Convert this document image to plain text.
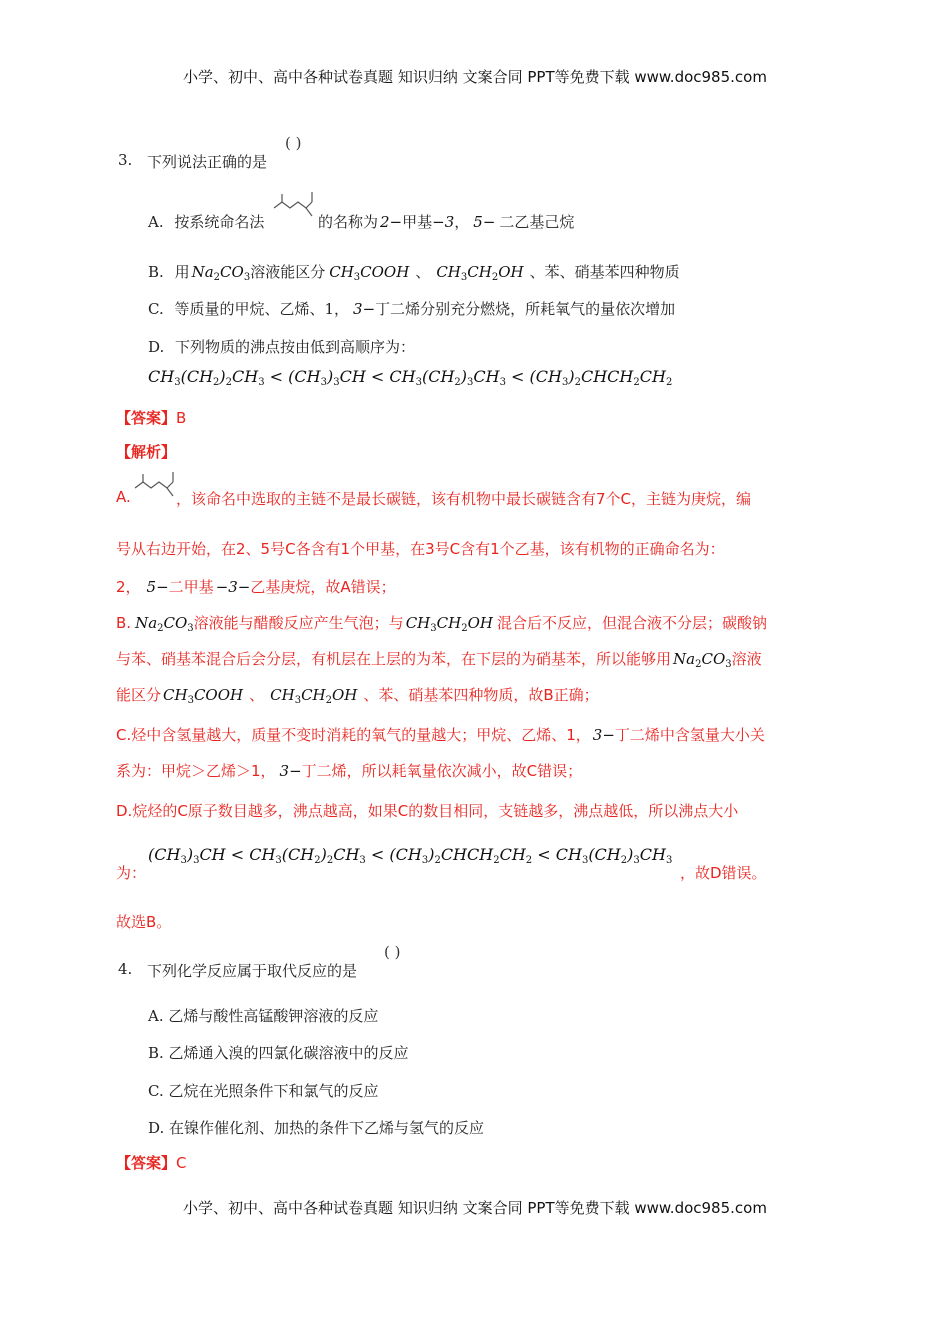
小学、初中、高中各种试卷真题 知识归纳 文案合同 PPT等免费下载 www.doc985.com
3. 下列说法正确的是
( )
A. 按系统命名法	的名称为 2−甲基−3， 5− 二乙基己烷
B. 用 $Na_2CO_3$溶液能区分 $CH_3COOH$ 、 $CH_3CH_2OH$ 、苯、硝基苯四种物质
C. 等质量的甲烷、乙烯、1， 3−丁二烯分别充分燃烧，所耗氧气的量依次增加
D. 下列物质的沸点按由低到高顺序为：
$CH_3(CH_2)_2CH_3 < (CH_3)_3CH < CH_3(CH_2)_3CH_3$ < $(CH_3)_2CHCH_2CH_2$
【答案】B
【解析】
A.	，该命名中选取的主链不是最长碳链，该有机物中最长碳链含有7个C，主链为庚烷，编
号从右边开始，在2、5号C各含有1个甲基，在3号C含有1个乙基，该有机物的正确命名为：
2， 5−二甲基 −3−乙基庚烷，故A错误；
B. $Na_2CO_3$溶液能与醋酸反应产生气泡；与 $CH_3CH_2OH$ 混合后不反应，但混合液不分层；碳酸钠
与苯、硝基苯混合后会分层，有机层在上层的为苯，在下层的为硝基苯，所以能够用 $Na_2CO_3$溶液
能区分 $CH_3COOH$ 、 $CH_3CH_2OH$ 、苯、硝基苯四种物质，故B正确；
C.烃中含氢量越大，质量不变时消耗的氧气的量越大；甲烷、乙烯、1， 3−丁二烯中含氢量大小关
系为：甲烷＞乙烯＞1， 3−丁二烯，所以耗氧量依次减小，故C错误；
D.烷烃的C原子数目越多，沸点越高，如果C的数目相同，支链越多，沸点越低，所以沸点大小
$(CH_3)_3CH < CH_3(CH_2)_2CH_3$ < $(CH_3)_2CHCH_2CH_2 < CH_3(CH_2)_3CH_3$
为：	，故D错误。
故选B。
4. 下列化学反应属于取代反应的是
( )
A. 乙烯与酸性高锰酸钾溶液的反应
B. 乙烯通入溴的四氯化碳溶液中的反应
C. 乙烷在光照条件下和氯气的反应
D. 在镍作催化剂、加热的条件下乙烯与氢气的反应
【答案】C
小学、初中、高中各种试卷真题 知识归纳 文案合同 PPT等免费下载 www.doc985.com
